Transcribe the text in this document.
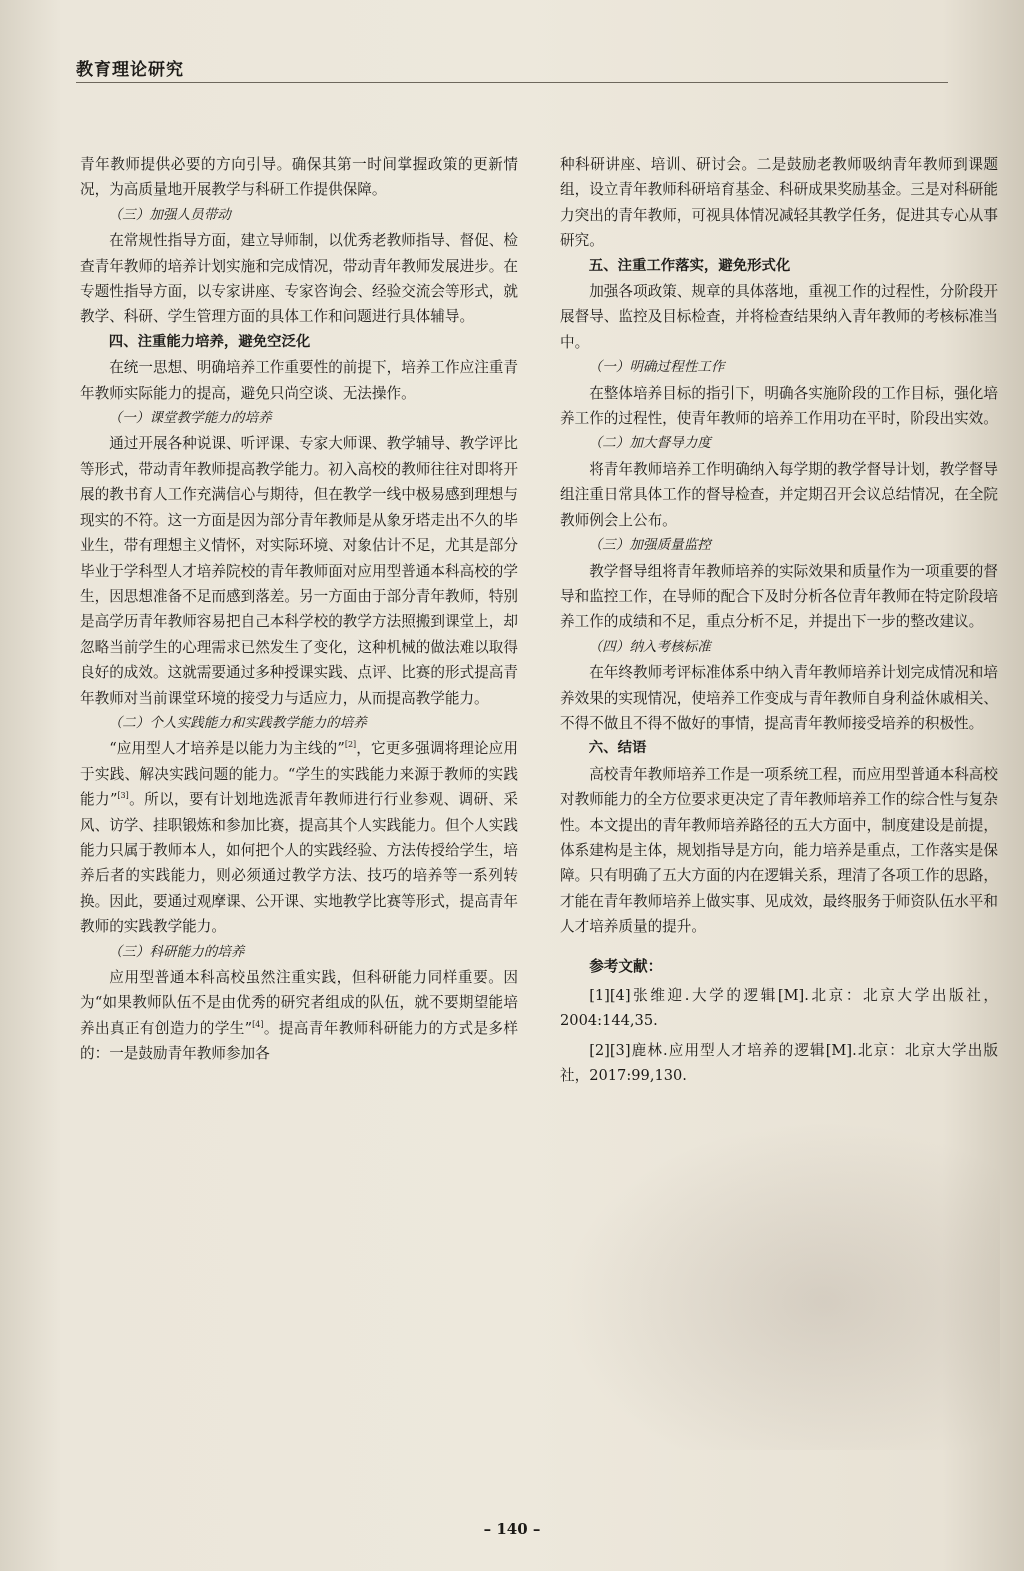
教育理论研究

青年教师提供必要的方向引导。确保其第一时间掌握政策的更新情况，为高质量地开展教学与科研工作提供保障。

（三）加强人员带动

在常规性指导方面，建立导师制，以优秀老教师指导、督促、检查青年教师的培养计划实施和完成情况，带动青年教师发展进步。在专题性指导方面，以专家讲座、专家咨询会、经验交流会等形式，就教学、科研、学生管理方面的具体工作和问题进行具体辅导。

四、注重能力培养，避免空泛化

在统一思想、明确培养工作重要性的前提下，培养工作应注重青年教师实际能力的提高，避免只尚空谈、无法操作。

（一）课堂教学能力的培养

通过开展各种说课、听评课、专家大师课、教学辅导、教学评比等形式，带动青年教师提高教学能力。初入高校的教师往往对即将开展的教书育人工作充满信心与期待，但在教学一线中极易感到理想与现实的不符。这一方面是因为部分青年教师是从象牙塔走出不久的毕业生，带有理想主义情怀，对实际环境、对象估计不足，尤其是部分毕业于学科型人才培养院校的青年教师面对应用型普通本科高校的学生，因思想准备不足而感到落差。另一方面由于部分青年教师，特别是高学历青年教师容易把自己本科学校的教学方法照搬到课堂上，却忽略当前学生的心理需求已然发生了变化，这种机械的做法难以取得良好的成效。这就需要通过多种授课实践、点评、比赛的形式提高青年教师对当前课堂环境的接受力与适应力，从而提高教学能力。

（二）个人实践能力和实践教学能力的培养

“应用型人才培养是以能力为主线的”[2]，它更多强调将理论应用于实践、解决实践问题的能力。“学生的实践能力来源于教师的实践能力”[3]。所以，要有计划地选派青年教师进行行业参观、调研、采风、访学、挂职锻炼和参加比赛，提高其个人实践能力。但个人实践能力只属于教师本人，如何把个人的实践经验、方法传授给学生，培养后者的实践能力，则必须通过教学方法、技巧的培养等一系列转换。因此，要通过观摩课、公开课、实地教学比赛等形式，提高青年教师的实践教学能力。

（三）科研能力的培养

应用型普通本科高校虽然注重实践，但科研能力同样重要。因为“如果教师队伍不是由优秀的研究者组成的队伍，就不要期望能培养出真正有创造力的学生”[4]。提高青年教师科研能力的方式是多样的：一是鼓励青年教师参加各

种科研讲座、培训、研讨会。二是鼓励老教师吸纳青年教师到课题组，设立青年教师科研培育基金、科研成果奖励基金。三是对科研能力突出的青年教师，可视具体情况减轻其教学任务，促进其专心从事研究。

五、注重工作落实，避免形式化

加强各项政策、规章的具体落地，重视工作的过程性，分阶段开展督导、监控及目标检查，并将检查结果纳入青年教师的考核标准当中。

（一）明确过程性工作

在整体培养目标的指引下，明确各实施阶段的工作目标，强化培养工作的过程性，使青年教师的培养工作用功在平时，阶段出实效。

（二）加大督导力度

将青年教师培养工作明确纳入每学期的教学督导计划，教学督导组注重日常具体工作的督导检查，并定期召开会议总结情况，在全院教师例会上公布。

（三）加强质量监控

教学督导组将青年教师培养的实际效果和质量作为一项重要的督导和监控工作，在导师的配合下及时分析各位青年教师在特定阶段培养工作的成绩和不足，重点分析不足，并提出下一步的整改建议。

（四）纳入考核标准

在年终教师考评标准体系中纳入青年教师培养计划完成情况和培养效果的实现情况，使培养工作变成与青年教师自身利益休戚相关、不得不做且不得不做好的事情，提高青年教师接受培养的积极性。

六、结语

高校青年教师培养工作是一项系统工程，而应用型普通本科高校对教师能力的全方位要求更决定了青年教师培养工作的综合性与复杂性。本文提出的青年教师培养路径的五大方面中，制度建设是前提，体系建构是主体，规划指导是方向，能力培养是重点，工作落实是保障。只有明确了五大方面的内在逻辑关系，理清了各项工作的思路，才能在青年教师培养上做实事、见成效，最终服务于师资队伍水平和人才培养质量的提升。

参考文献：

[1][4]张维迎.大学的逻辑[M].北京：北京大学出版社，2004:144,35.

[2][3]鹿林.应用型人才培养的逻辑[M].北京：北京大学出版社，2017:99,130.

– 140 –
